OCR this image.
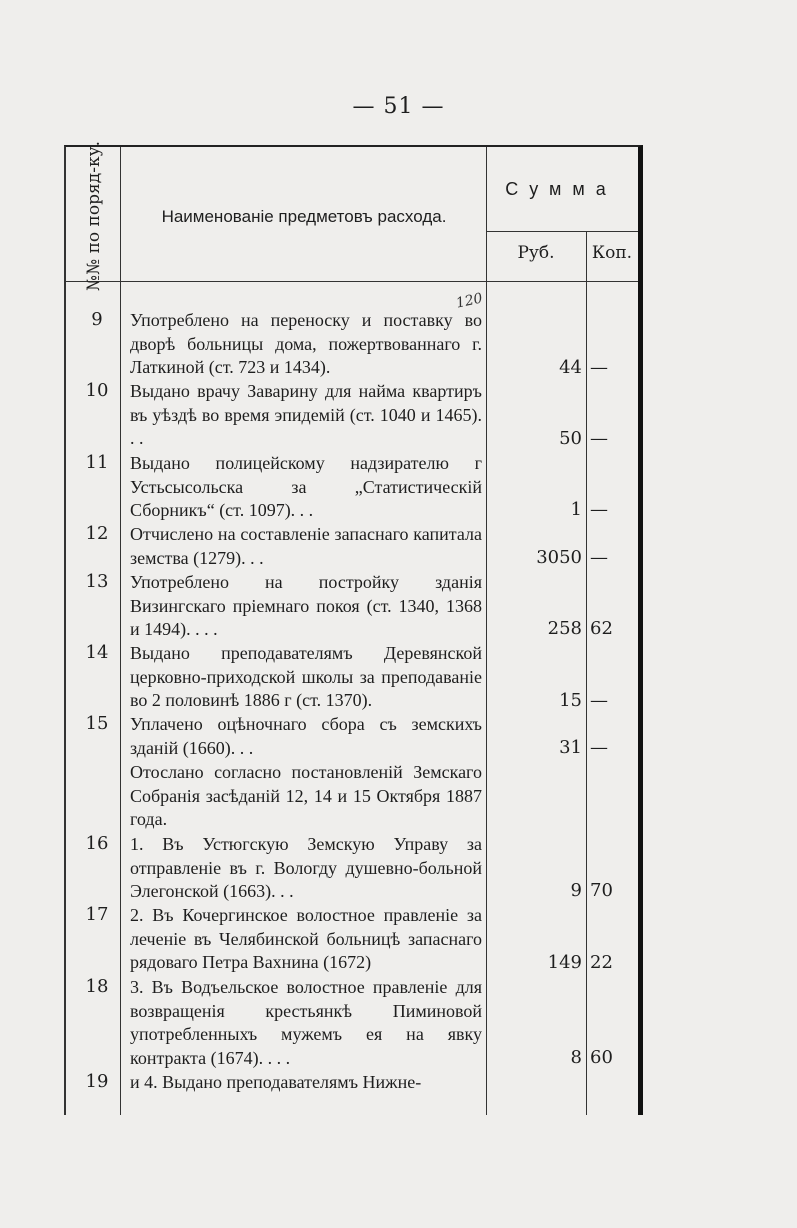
— 51 —
№№ по поряд-ку.	Наименованіе предметовъ расхода.
Сумма
Руб.	Коп.
120
9	Употреблено на переноску и поставку во дворѣ больницы дома, пожертвованнаго г. Латкиной (ст. 723 и 1434).	44 —
10	Выдано врачу Заварину для найма квартиръ въ уѣздѣ во время эпидемій (ст. 1040 и 1465). . .	50 —
11	Выдано полицейскому надзирателю г Устьсысольска за „Статистическій Сборникъ“ (ст. 1097). . .	1 —
12	Отчислено на составленіе запаснаго капитала земства (1279). . .	3050 —
13	Употреблено на постройку зданія Визингскаго пріемнаго покоя (ст. 1340, 1368 и 1494). . . .	258 62
14	Выдано преподавателямъ Деревянской церковно-приходской школы за преподаваніе во 2 половинѣ 1886 г (ст. 1370).	15 —
15	Уплачено оцѣночнаго сбора съ земскихъ зданій (1660). . .	31 —
Отослано согласно постановленій Земскаго Собранія засѣданій 12, 14 и 15 Октября 1887 года.
16	1. Въ Устюгскую Земскую Управу за отправленіе въ г. Вологду душевно-больной Элегонской (1663). . .	9 70
17	2. Въ Кочергинское волостное правленіе за леченіе въ Челябинской больницѣ запаснаго рядоваго Петра Вахнина (1672)	149 22
18	3. Въ Водъельское волостное правленіе для возвращенія крестьянкѣ Пиминовой употребленныхъ мужемъ ея на явку контракта (1674). . . .	8 60
19	и 4. Выдано преподавателямъ Нижне-
